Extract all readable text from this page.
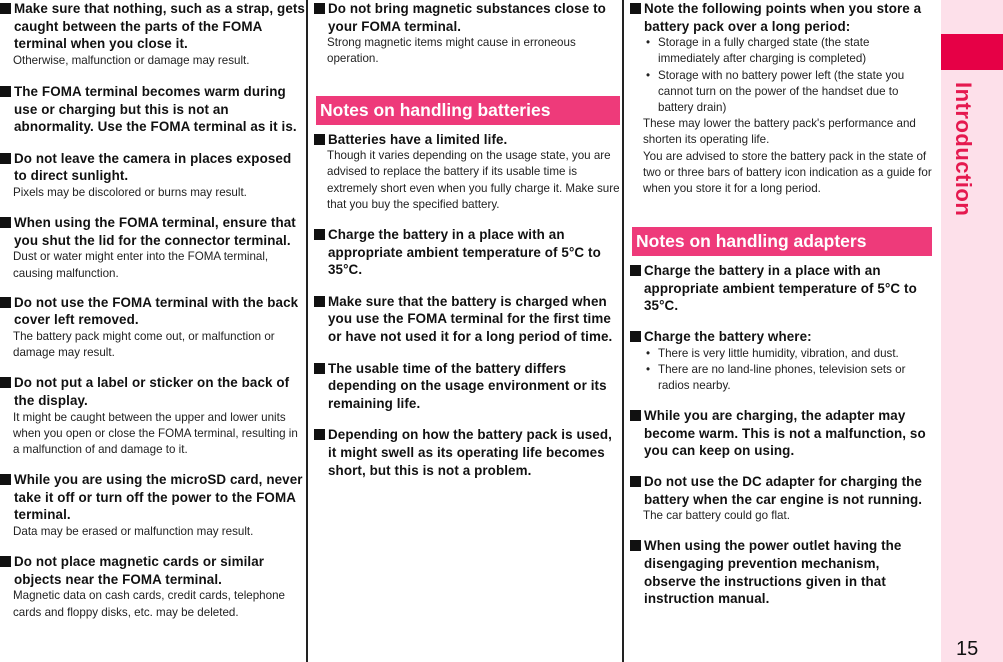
Make sure that nothing, such as a strap, gets caught between the parts of the FOMA terminal when you close it.
Otherwise, malfunction or damage may result.
The FOMA terminal becomes warm during use or charging but this is not an abnormality. Use the FOMA terminal as it is.
Do not leave the camera in places exposed to direct sunlight.
Pixels may be discolored or burns may result.
When using the FOMA terminal, ensure that you shut the lid for the connector terminal.
Dust or water might enter into the FOMA terminal, causing malfunction.
Do not use the FOMA terminal with the back cover left removed.
The battery pack might come out, or malfunction or damage may result.
Do not put a label or sticker on the back of the display.
It might be caught between the upper and lower units when you open or close the FOMA terminal, resulting in a malfunction of and damage to it.
While you are using the microSD card, never take it off or turn off the power to the FOMA terminal.
Data may be erased or malfunction may result.
Do not place magnetic cards or similar objects near the FOMA terminal.
Magnetic data on cash cards, credit cards, telephone cards and floppy disks, etc. may be deleted.
Do not bring magnetic substances close to your FOMA terminal.
Strong magnetic items might cause in erroneous operation.
Notes on handling batteries
Batteries have a limited life.
Though it varies depending on the usage state, you are advised to replace the battery if its usable time is extremely short even when you fully charge it. Make sure that you buy the specified battery.
Charge the battery in a place with an appropriate ambient temperature of 5°C to 35°C.
Make sure that the battery is charged when you use the FOMA terminal for the first time or have not used it for a long period of time.
The usable time of the battery differs depending on the usage environment or its remaining life.
Depending on how the battery pack is used, it might swell as its operating life becomes short, but this is not a problem.
Note the following points when you store a battery pack over a long period:
• Storage in a fully charged state (the state immediately after charging is completed)
• Storage with no battery power left (the state you cannot turn on the power of the handset due to battery drain)
These may lower the battery pack's performance and shorten its operating life.
You are advised to store the battery pack in the state of two or three bars of battery icon indication as a guide for when you store it for a long period.
Notes on handling adapters
Charge the battery in a place with an appropriate ambient temperature of 5°C to 35°C.
Charge the battery where:
• There is very little humidity, vibration, and dust.
• There are no land-line phones, television sets or radios nearby.
While you are charging, the adapter may become warm. This is not a malfunction, so you can keep on using.
Do not use the DC adapter for charging the battery when the car engine is not running.
The car battery could go flat.
When using the power outlet having the disengaging prevention mechanism, observe the instructions given in that instruction manual.
Introduction
15
